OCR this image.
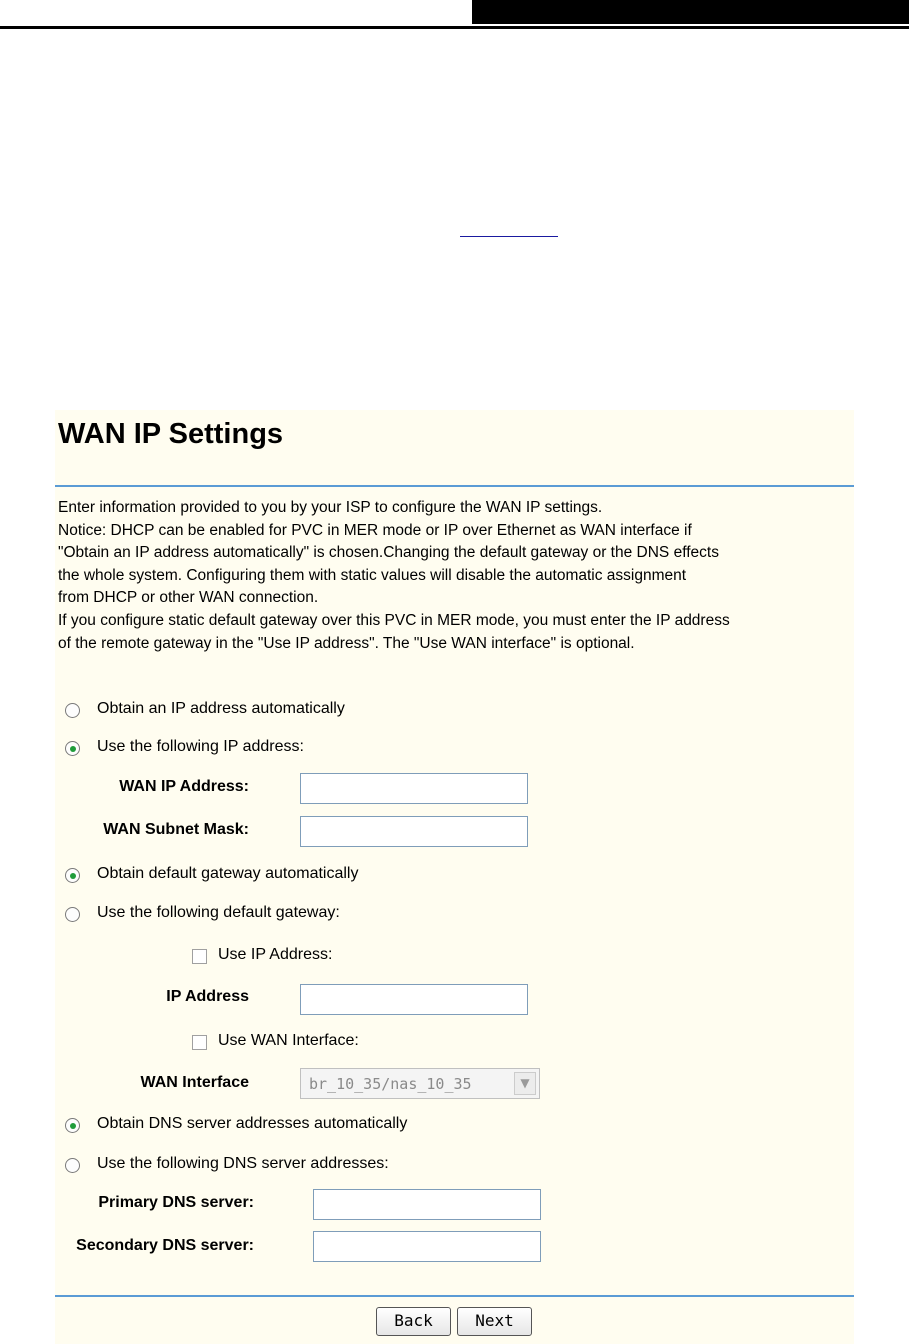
WAN IP Settings
Enter information provided to you by your ISP to configure the WAN IP settings.
Notice: DHCP can be enabled for PVC in MER mode or IP over Ethernet as WAN interface if
"Obtain an IP address automatically" is chosen.Changing the default gateway or the DNS effects
the whole system. Configuring them with static values will disable the automatic assignment
from DHCP or other WAN connection.
If you configure static default gateway over this PVC in MER mode, you must enter the IP address
of the remote gateway in the "Use IP address". The "Use WAN interface" is optional.
Obtain an IP address automatically
Use the following IP address:
WAN IP Address:
WAN Subnet Mask:
Obtain default gateway automatically
Use the following default gateway:
Use IP Address:
IP Address
Use WAN Interface:
WAN Interface	br_10_35/nas_10_35	▼
Obtain DNS server addresses automatically
Use the following DNS server addresses:
Primary DNS server:
Secondary DNS server:
Back	Next
